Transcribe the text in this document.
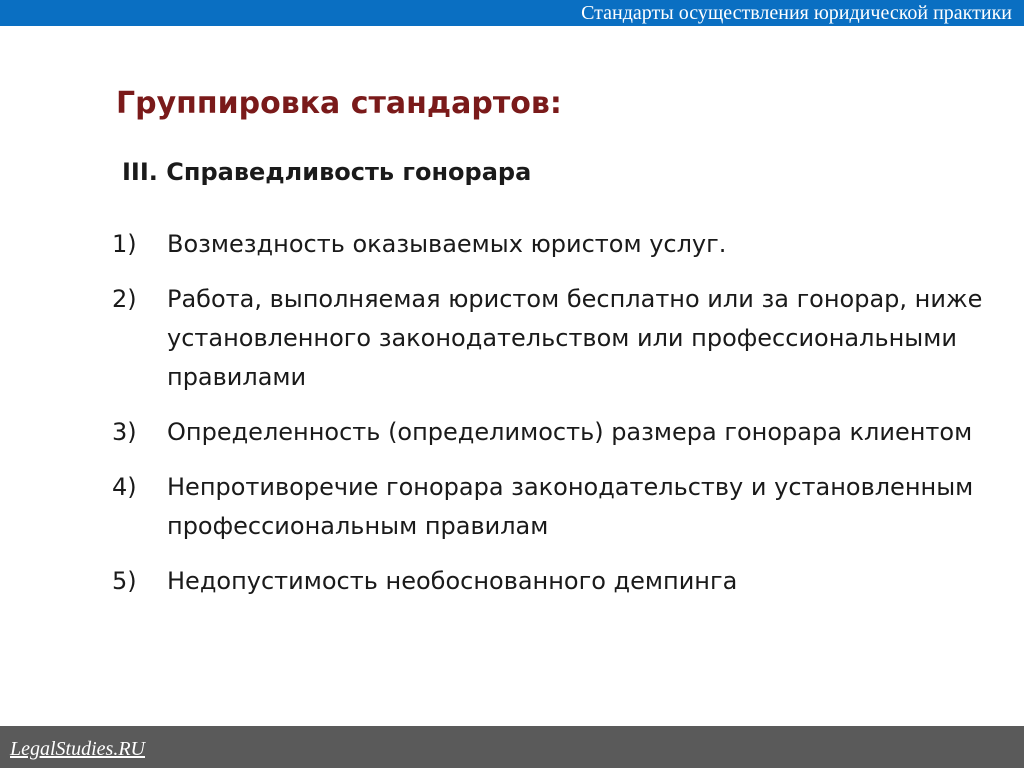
Стандарты осуществления юридической практики
Группировка стандартов:
III. Справедливость гонорара
1) Возмездность оказываемых юристом услуг.
2) Работа, выполняемая юристом бесплатно или за гонорар, ниже установленного законодательством или профессиональными правилами
3) Определенность (определимость) размера гонорара клиентом
4) Непротиворечие гонорара законодательству и установленным профессиональным правилам
5) Недопустимость необоснованного демпинга
LegalStudies.RU
